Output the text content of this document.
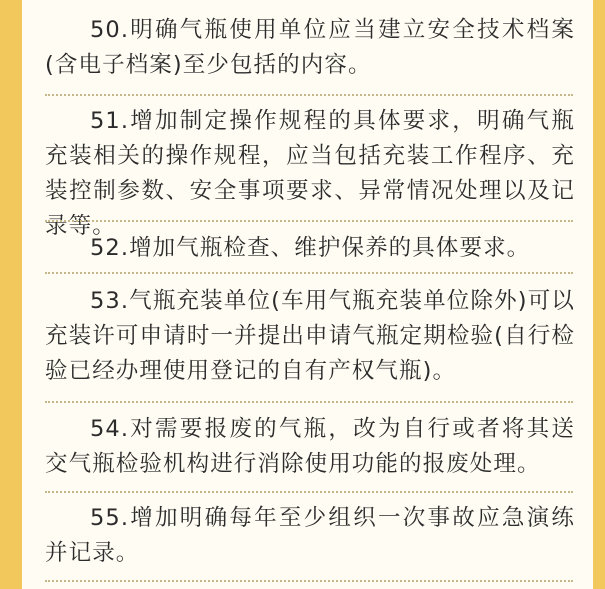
50.明确气瓶使用单位应当建立安全技术档案(含电子档案)至少包括的内容。

51.增加制定操作规程的具体要求，明确气瓶充装相关的操作规程，应当包括充装工作程序、充装控制参数、安全事项要求、异常情况处理以及记录等。

52.增加气瓶检查、维护保养的具体要求。

53.气瓶充装单位(车用气瓶充装单位除外)可以充装许可申请时一并提出申请气瓶定期检验(自行检验已经办理使用登记的自有产权气瓶)。

54.对需要报废的气瓶，改为自行或者将其送交气瓶检验机构进行消除使用功能的报废处理。

55.增加明确每年至少组织一次事故应急演练并记录。
